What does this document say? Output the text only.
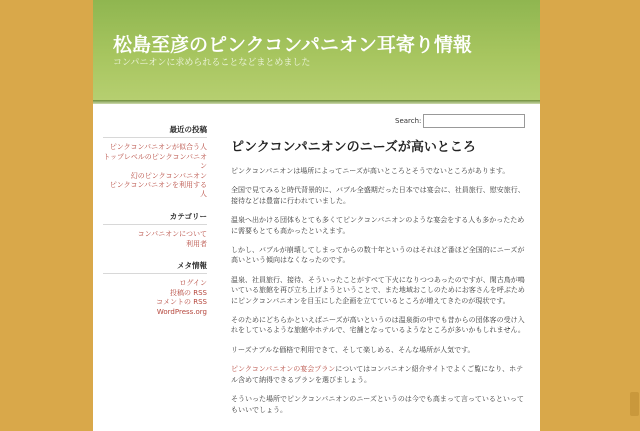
松島至彦のピンクコンパニオン耳寄り情報
コンパニオンに求められることなどまとめました
Search:
最近の投稿
ピンクコンパニオンが似合う人
トップレベルのピンクコンパニオン
幻のピンクコンパニオン
ピンクコンパニオンを利用する人
カテゴリー
コンパニオンについて
利用者
メタ情報
ログイン
投稿の RSS
コメントの RSS
WordPress.org
ピンクコンパニオンのニーズが高いところ

ピンクコンパニオンは場所によってニーズが高いところとそうでないところがあります。

全国で見てみると時代背景的に、バブル全盛期だった日本では宴会に、社員旅行、慰安旅行、接待などは豊富に行われていました。

温泉へ出かける団体もとても多くてピンクコンパニオンのような宴会をする人も多かったために需要もとても高かったといえます。

しかし、バブルが崩壊してしまってからの数十年というのはそれほど番ほど全国的にニーズが高いという傾向はなくなったのです。

温泉、社員旅行、接待、そういったことがすべて下火になりつつあったのですが、閑古鳥が鳴いている旅館を再び立ち上げようということで、また地域おこしのためにお客さんを呼ぶためにピンクコンパニオンを目玉にした企画を立てているところが増えてきたのが現状です。

そのためにどちらかといえばニーズが高いというのは温泉街の中でも昔からの団体客の受け入れをしているような旅館やホテルで、宅舗となっているようなところが多いかもしれません。

リーズナブルな価格で利用できて、そして楽しめる、そんな場所が人気です。

ピンクコンパニオンの宴会プランについてはコンパニオン紹介サイトでよくご覧になり、ホテル含めて納得できるプランを選びましょう。

そういった場所でピンクコンパニオンのニーズというのは今でも高まって言っているといってもいいでしょう。
